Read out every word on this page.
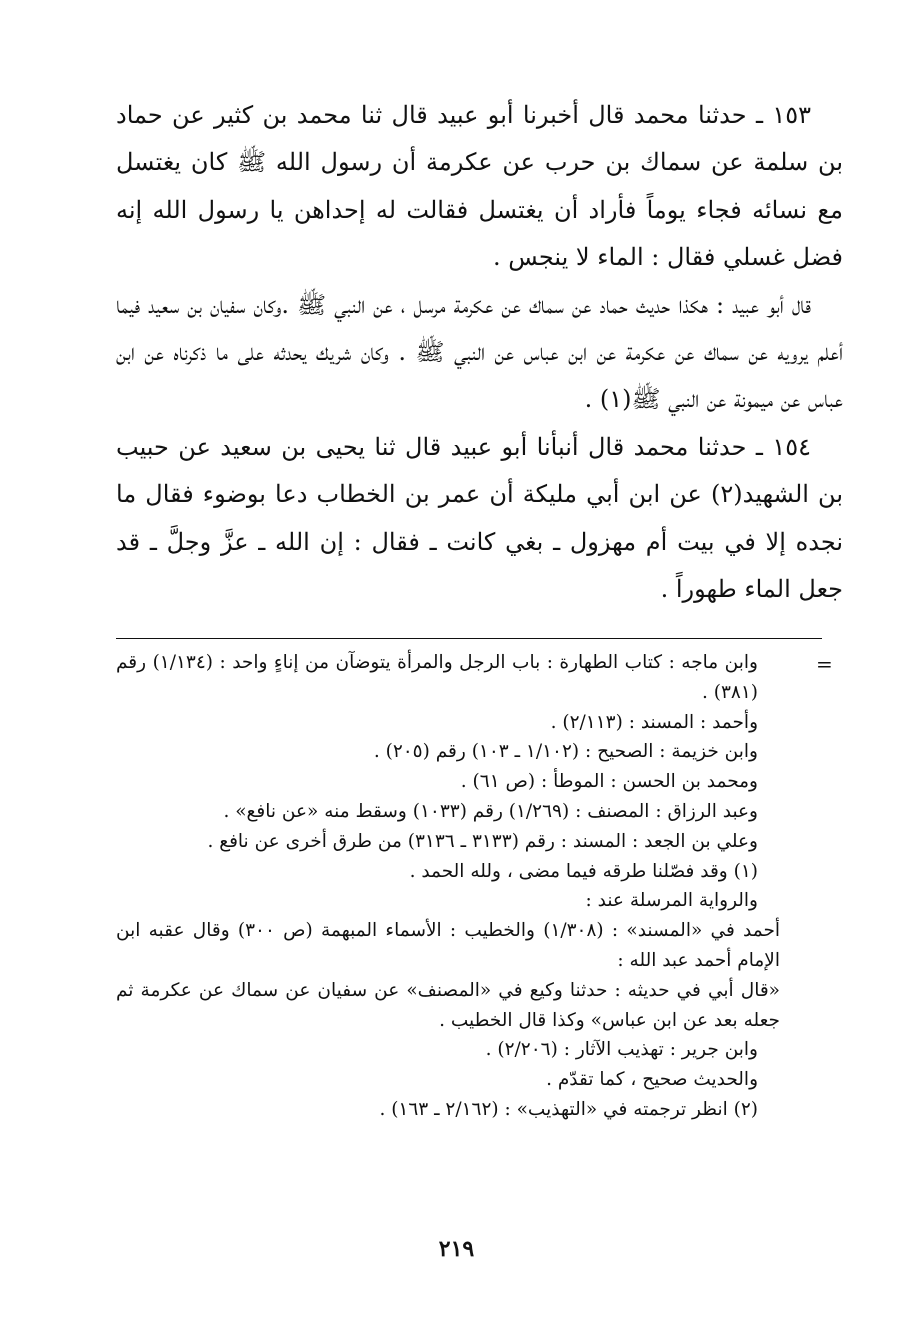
١٥٣ ـ حدثنا محمد قال أخبرنا أبو عبيد قال ثنا محمد بن كثير عن حماد بن سلمة عن سماك بن حرب عن عكرمة أن رسول الله ﷺ كان يغتسل مع نسائه فجاء يوماً فأراد أن يغتسل فقالت له إحداهن يا رسول الله إنه فضل غسلي فقال : الماء لا ينجس .

قال أبو عبيد : هكذا حديث حماد عن سماك عن عكرمة مرسل ، عن النبي ﷺ .وكان سفيان بن سعيد فيما أعلم يرويه عن سماك عن عكرمة عن ابن عباس عن النبي ﷺ . وكان شريك يحدثه على ما ذكرناه عن ابن عباس عن ميمونة عن النبي ﷺ(١) .

١٥٤ ـ حدثنا محمد قال أنبأنا أبو عبيد قال ثنا يحيى بن سعيد عن حبيب بن الشهيد(٢) عن ابن أبي مليكة أن عمر بن الخطاب دعا بوضوء فقال ما نجده إلا في بيت أم مهزول ـ بغي كانت ـ فقال : إن الله ـ عزَّ وجلَّ ـ قد جعل الماء طهوراً .

=

وابن ماجه : كتاب الطهارة : باب الرجل والمرأة يتوضآن من إناءٍ واحد : (١/١٣٤) رقم (٣٨١) .

وأحمد : المسند : (٢/١١٣) .

وابن خزيمة : الصحيح : (١/١٠٢ ـ ١٠٣) رقم (٢٠٥) .

ومحمد بن الحسن : الموطأ : (ص ٦١) .

وعبد الرزاق : المصنف : (١/٢٦٩) رقم (١٠٣٣) وسقط منه «عن نافع» .

وعلي بن الجعد : المسند : رقم (٣١٣٣ ـ ٣١٣٦) من طرق أخرى عن نافع .

(١) وقد فصّلنا طرقه فيما مضى ، ولله الحمد .

والرواية المرسلة عند :

أحمد في «المسند» : (١/٣٠٨) والخطيب : الأسماء المبهمة (ص ٣٠٠) وقال عقبه ابن الإمام أحمد عبد الله :

«قال أبي في حديثه : حدثنا وكيع في «المصنف» عن سفيان عن سماك عن عكرمة ثم جعله بعد عن ابن عباس» وكذا قال الخطيب .

وابن جرير : تهذيب الآثار : (٢/٢٠٦) .

والحديث صحيح ، كما تقدّم .

(٢) انظر ترجمته في «التهذيب» : (٢/١٦٢ ـ ١٦٣) .

٢١٩
